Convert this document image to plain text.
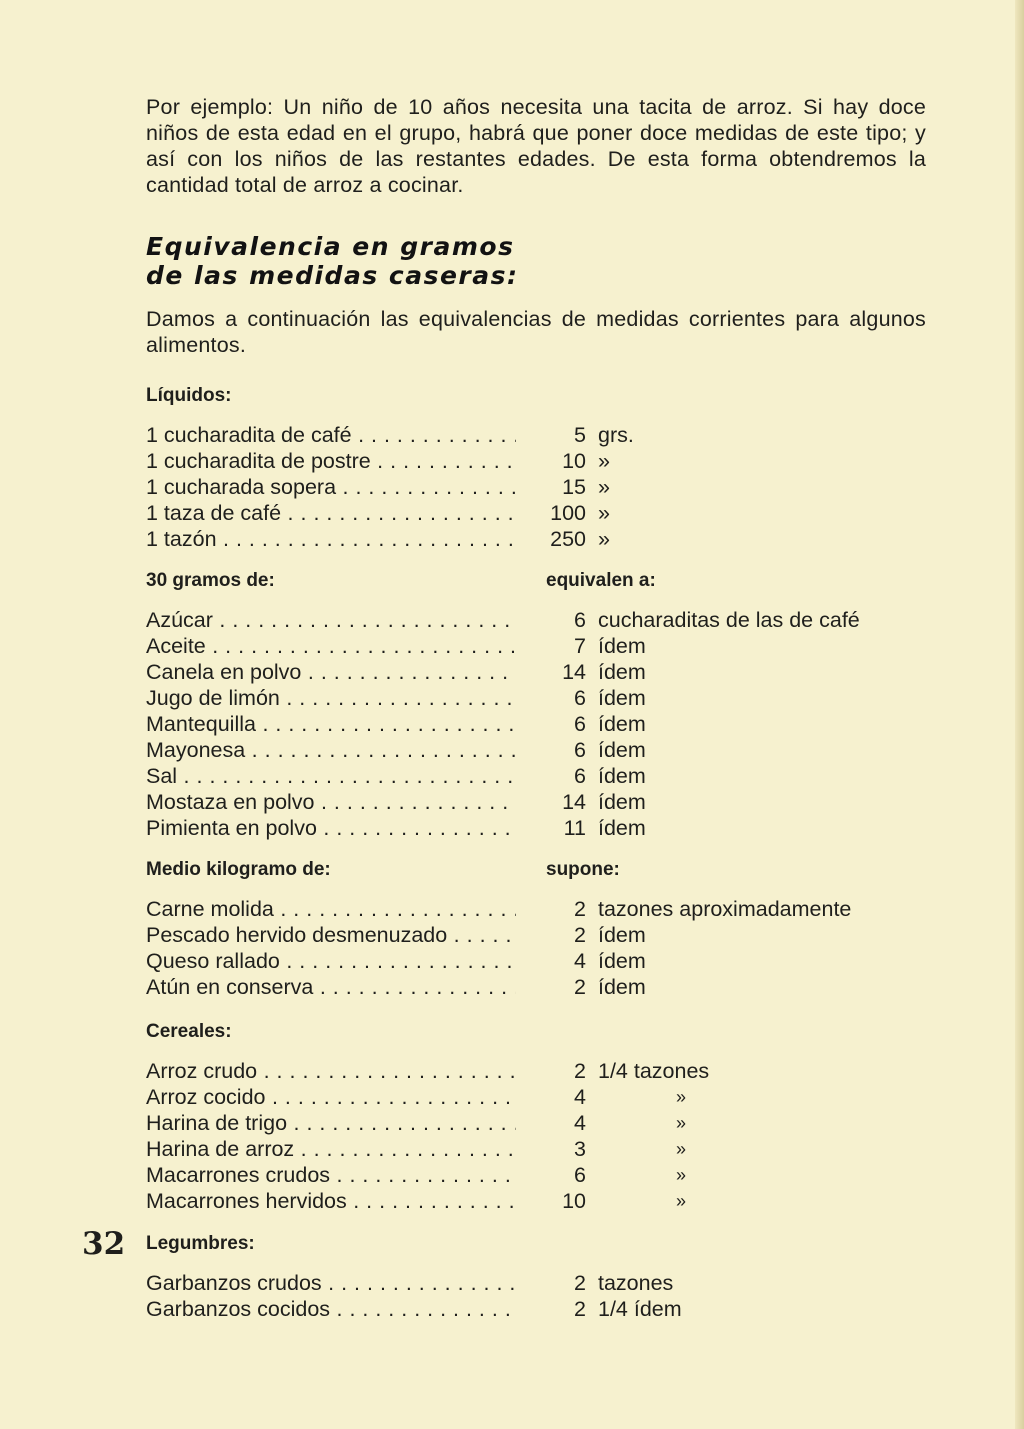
Por ejemplo: Un niño de 10 años necesita una tacita de arroz. Si hay doce niños de esta edad en el grupo, habrá que poner doce medidas de este tipo; y así con los niños de las restantes edades. De esta forma obtendremos la cantidad total de arroz a cocinar.

Equivalencia en gramos
de las medidas caseras:

Damos a continuación las equivalencias de medidas corrientes para algunos alimentos.

Líquidos:
1 cucharadita de café . . .	5 grs.
1 cucharadita de postre . . .	10 »
1 cucharada sopera . . .	15 »
1 taza de café . . .	100 »
1 tazón . . .	250 »
30 gramos de:	equivalen a:
Azúcar . . .	6 cucharaditas de las de café
Aceite . . .	7 ídem
Canela en polvo . . .	14 ídem
Jugo de limón . . .	6 ídem
Mantequilla . . .	6 ídem
Mayonesa . . .	6 ídem
Sal . . .	6 ídem
Mostaza en polvo . . .	14 ídem
Pimienta en polvo . . .	11 ídem
Medio kilogramo de:	supone:
Carne molida . . .	2 tazones aproximadamente
Pescado hervido desmenuzado . . .	2 ídem
Queso rallado . . .	4 ídem
Atún en conserva . . .	2 ídem
Cereales:
Arroz crudo . . .	2 1/4 tazones
Arroz cocido . . .	4	»
Harina de trigo . . .	4	»
Harina de arroz . . .	3	»
Macarrones crudos . . .	6	»
Macarrones hervidos . . .	10	»
Legumbres:
Garbanzos crudos . . .	2 tazones
Garbanzos cocidos . . .	2 1/4 ídem
32
